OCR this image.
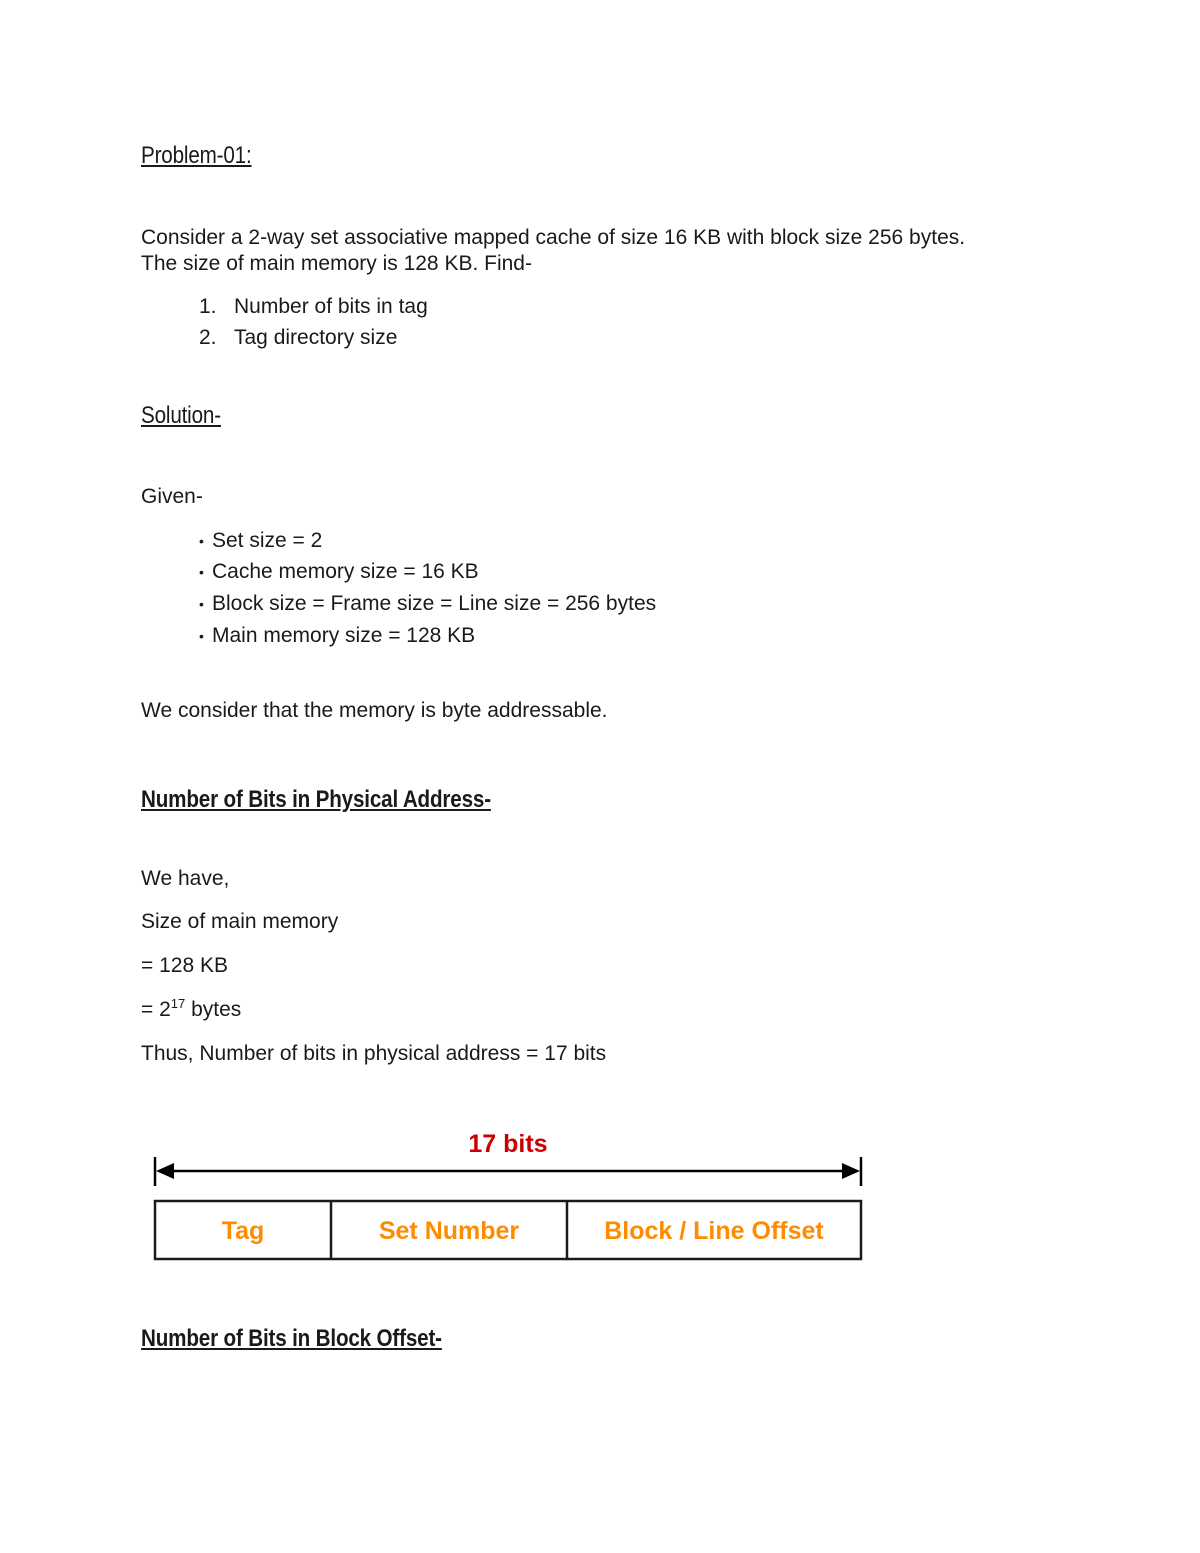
Problem-01:
Consider a 2-way set associative mapped cache of size 16 KB with block size 256 bytes.
The size of main memory is 128 KB. Find-
1. Number of bits in tag
2. Tag directory size
Solution-
Given-
• Set size = 2
• Cache memory size = 16 KB
• Block size = Frame size = Line size = 256 bytes
• Main memory size = 128 KB
We consider that the memory is byte addressable.
Number of Bits in Physical Address-
We have,
Size of main memory
= 128 KB
= $2^{17}$ bytes
Thus, Number of bits in physical address = 17 bits
17 bits
Tag	Set Number	Block / Line Offset
Number of Bits in Block Offset-
